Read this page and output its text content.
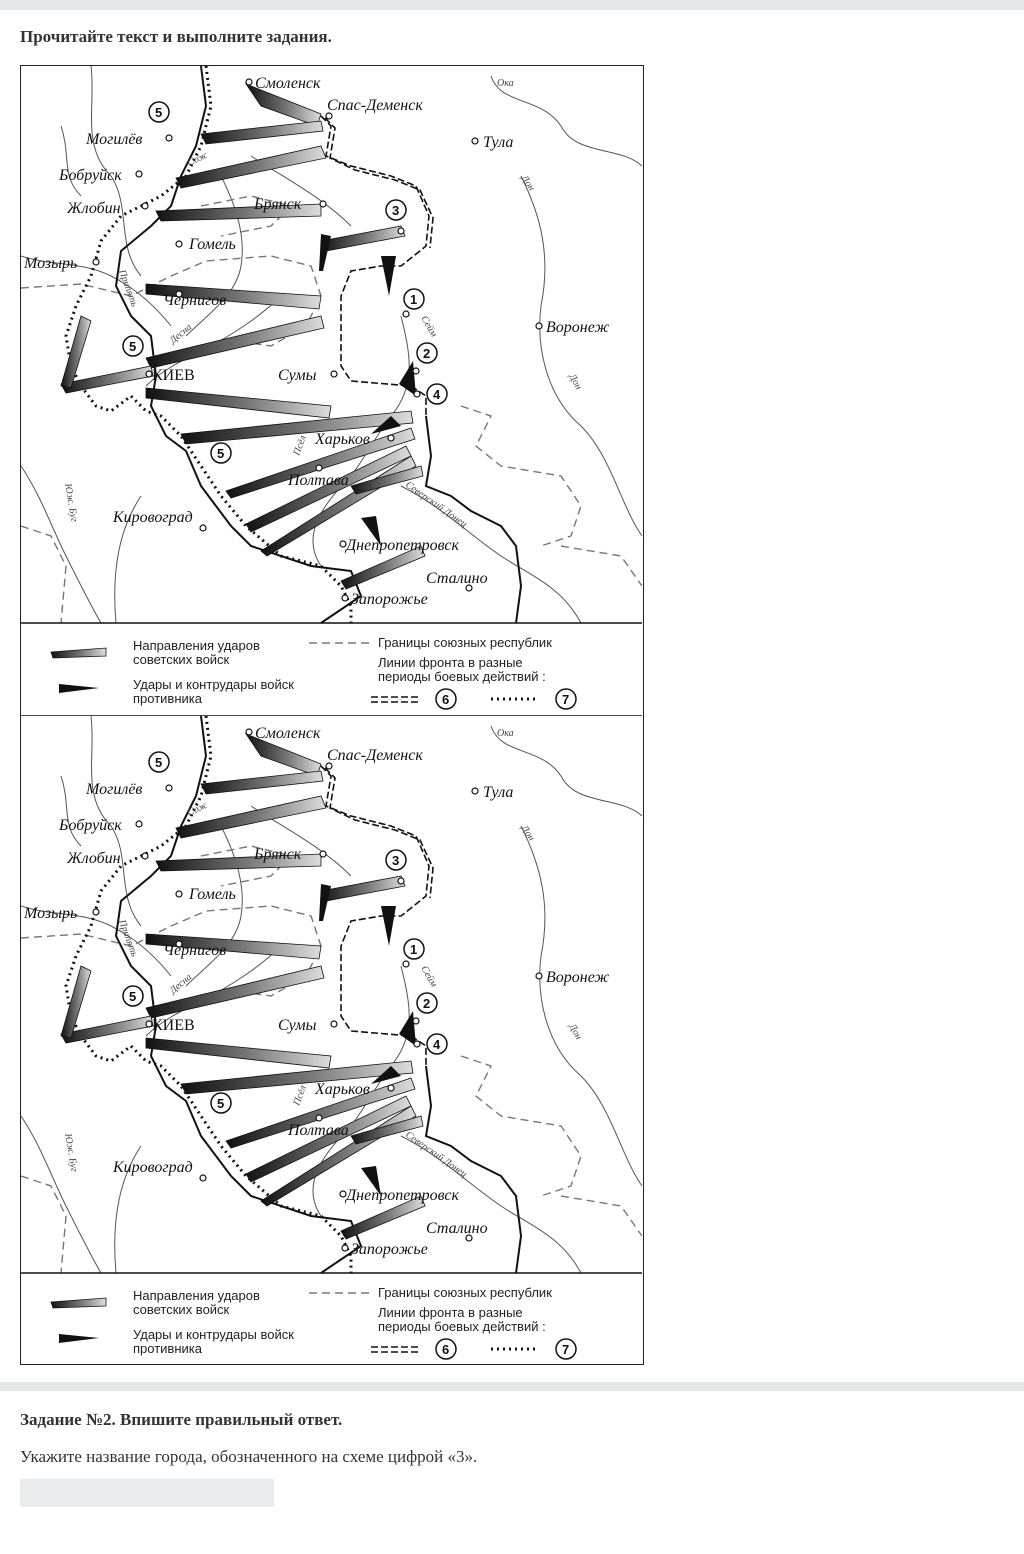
Прочитайте текст и выполните задания.
Смоленск
Спас-Деменск
Тула
Могилёв
Бобруйск
Жлобин	Брянск
Гомель
Мозырь
Чернигов
Воронеж
КИЕВ	Сумы
Харьков
Полтава
Кировоград
Днепропетровск
Сталино
Запорожье
Ока
Дон
Дон
Сож
Припять
Десна	Сейм
Псёл
Юж. Буг	Северский Донец
5
3
1
2
4
5
5
Направления ударов
советских войск
Удары и контрудары войск
противника
Границы союзных республик
Линии фронта в разные
периоды боевых действий :
6	7
Смоленск
Спас-Деменск
Тула
Могилёв
Бобруйск
Жлобин	Брянск
Гомель
Мозырь
Чернигов
Воронеж
КИЕВ	Сумы
Харьков
Полтава
Кировоград
Днепропетровск
Сталино
Запорожье
Ока
Дон
Дон
Сож
Припять
Десна	Сейм
Псёл
Юж. Буг	Северский Донец
5
3
1
2
4
5
5
Направления ударов
советских войск
Удары и контрудары войск
противника
Границы союзных республик
Линии фронта в разные
периоды боевых действий :
6	7
Задание №2. Впишите правильный ответ.
Укажите название города, обозначенного на схеме цифрой «3».
